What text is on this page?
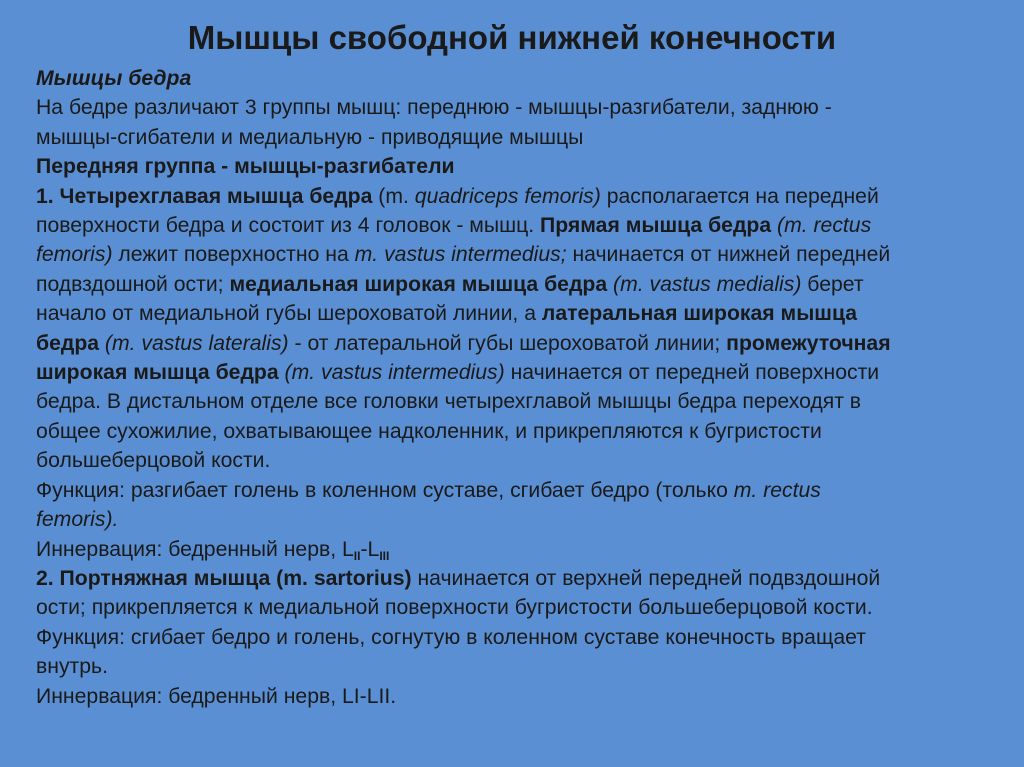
Мышцы свободной нижней конечности

Мышцы бедра

На бедре различают 3 группы мышц: переднюю - мышцы-разгибатели, заднюю -

мышцы-сгибатели и медиальную - приводящие мышцы

Передняя группа - мышцы-разгибатели

1. Четырехглавая мышца бедра (m. quadriceps femoris) располагается на передней

поверхности бедра и состоит из 4 головок - мышц. Прямая мышца бедра (m. rectus

femoris) лежит поверхностно на m. vastus intermedius; начинается от нижней передней

подвздошной ости; медиальная широкая мышца бедра (m. vastus medialis) берет

начало от медиальной губы шероховатой линии, а латеральная широкая мышца

бедра (m. vastus lateralis) - от латеральной губы шероховатой линии; промежуточная

широкая мышца бедра (m. vastus intermedius) начинается от передней поверхности

бедра. В дистальном отделе все головки четырехглавой мышцы бедра переходят в

общее сухожилие, охватывающее надколенник, и прикрепляются к бугристости

большеберцовой кости.

Функция: разгибает голень в коленном суставе, сгибает бедро (только m. rectus

femoris).

Иннервация: бедренный нерв, $L_{II}-L_{III}$

2. Портняжная мышца (m. sartorius) начинается от верхней передней подвздошной

ости; прикрепляется к медиальной поверхности бугристости большеберцовой кости.

Функция: сгибает бедро и голень, согнутую в коленном суставе конечность вращает

внутрь.

Иннервация: бедренный нерв, LI-LII.
